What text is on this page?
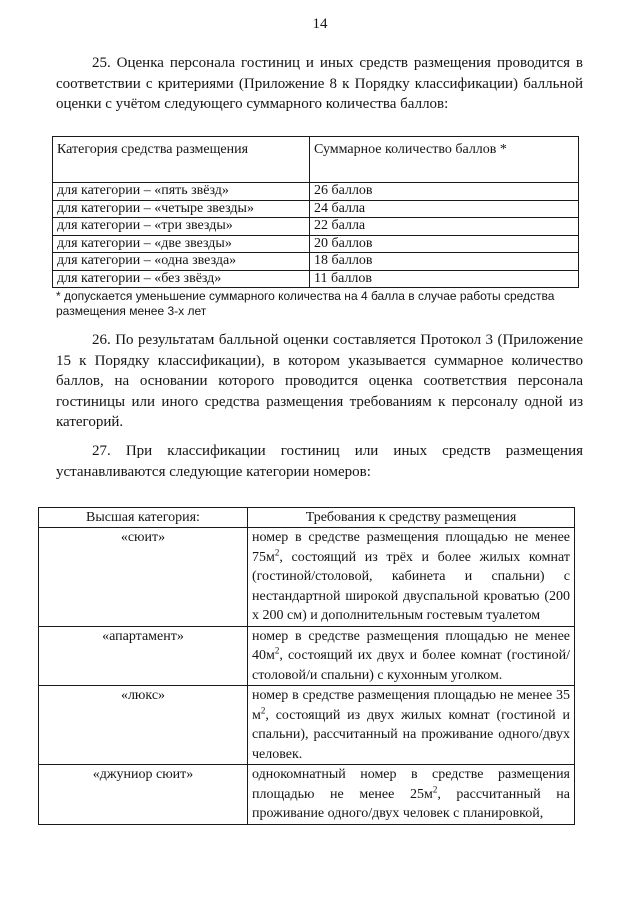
14

25. Оценка персонала гостиниц и иных средств размещения проводится в соответствии с критериями (Приложение 8 к Порядку классификации) балльной оценки с учётом следующего суммарного количества баллов:

Категория средства размещения	Суммарное количество баллов *
для категории – «пять звёзд»	26 баллов
для категории – «четыре звезды»	24 балла
для категории – «три звезды»	22 балла
для категории – «две звезды»	20 баллов
для категории – «одна звезда»	18 баллов
для категории – «без звёзд»	11 баллов
* допускается уменьшение суммарного количества на 4 балла в случае работы средства размещения менее 3-х лет

26. По результатам балльной оценки составляется Протокол 3 (Приложение 15 к Порядку классификации), в котором указывается суммарное количество баллов, на основании которого проводится оценка соответствия персонала гостиницы или иного средства размещения требованиям к персоналу одной из категорий.

27. При классификации гостиниц или иных средств размещения устанавливаются следующие категории номеров:

Высшая категория:	Требования к средству размещения
«сюит»	номер в средстве размещения площадью не менее $75м^2$, состоящий из трёх и более жилых комнат (гостиной/столовой, кабинета и спальни) с нестандартной широкой двуспальной кроватью (200 х 200 см) и дополнительным гостевым туалетом
«апартамент»	номер в средстве размещения площадью не менее $40м^2$, состоящий их двух и более комнат (гостиной/столовой/и спальни) с кухонным уголком.
«люкс»	номер в средстве размещения площадью не менее 35 $м^2$, состоящий из двух жилых комнат (гостиной и спальни), рассчитанный на проживание одного/двух человек.
«джуниор сюит»	однокомнатный номер в средстве размещения площадью не менее $25м^2$, рассчитанный на проживание одного/двух человек с планировкой,
